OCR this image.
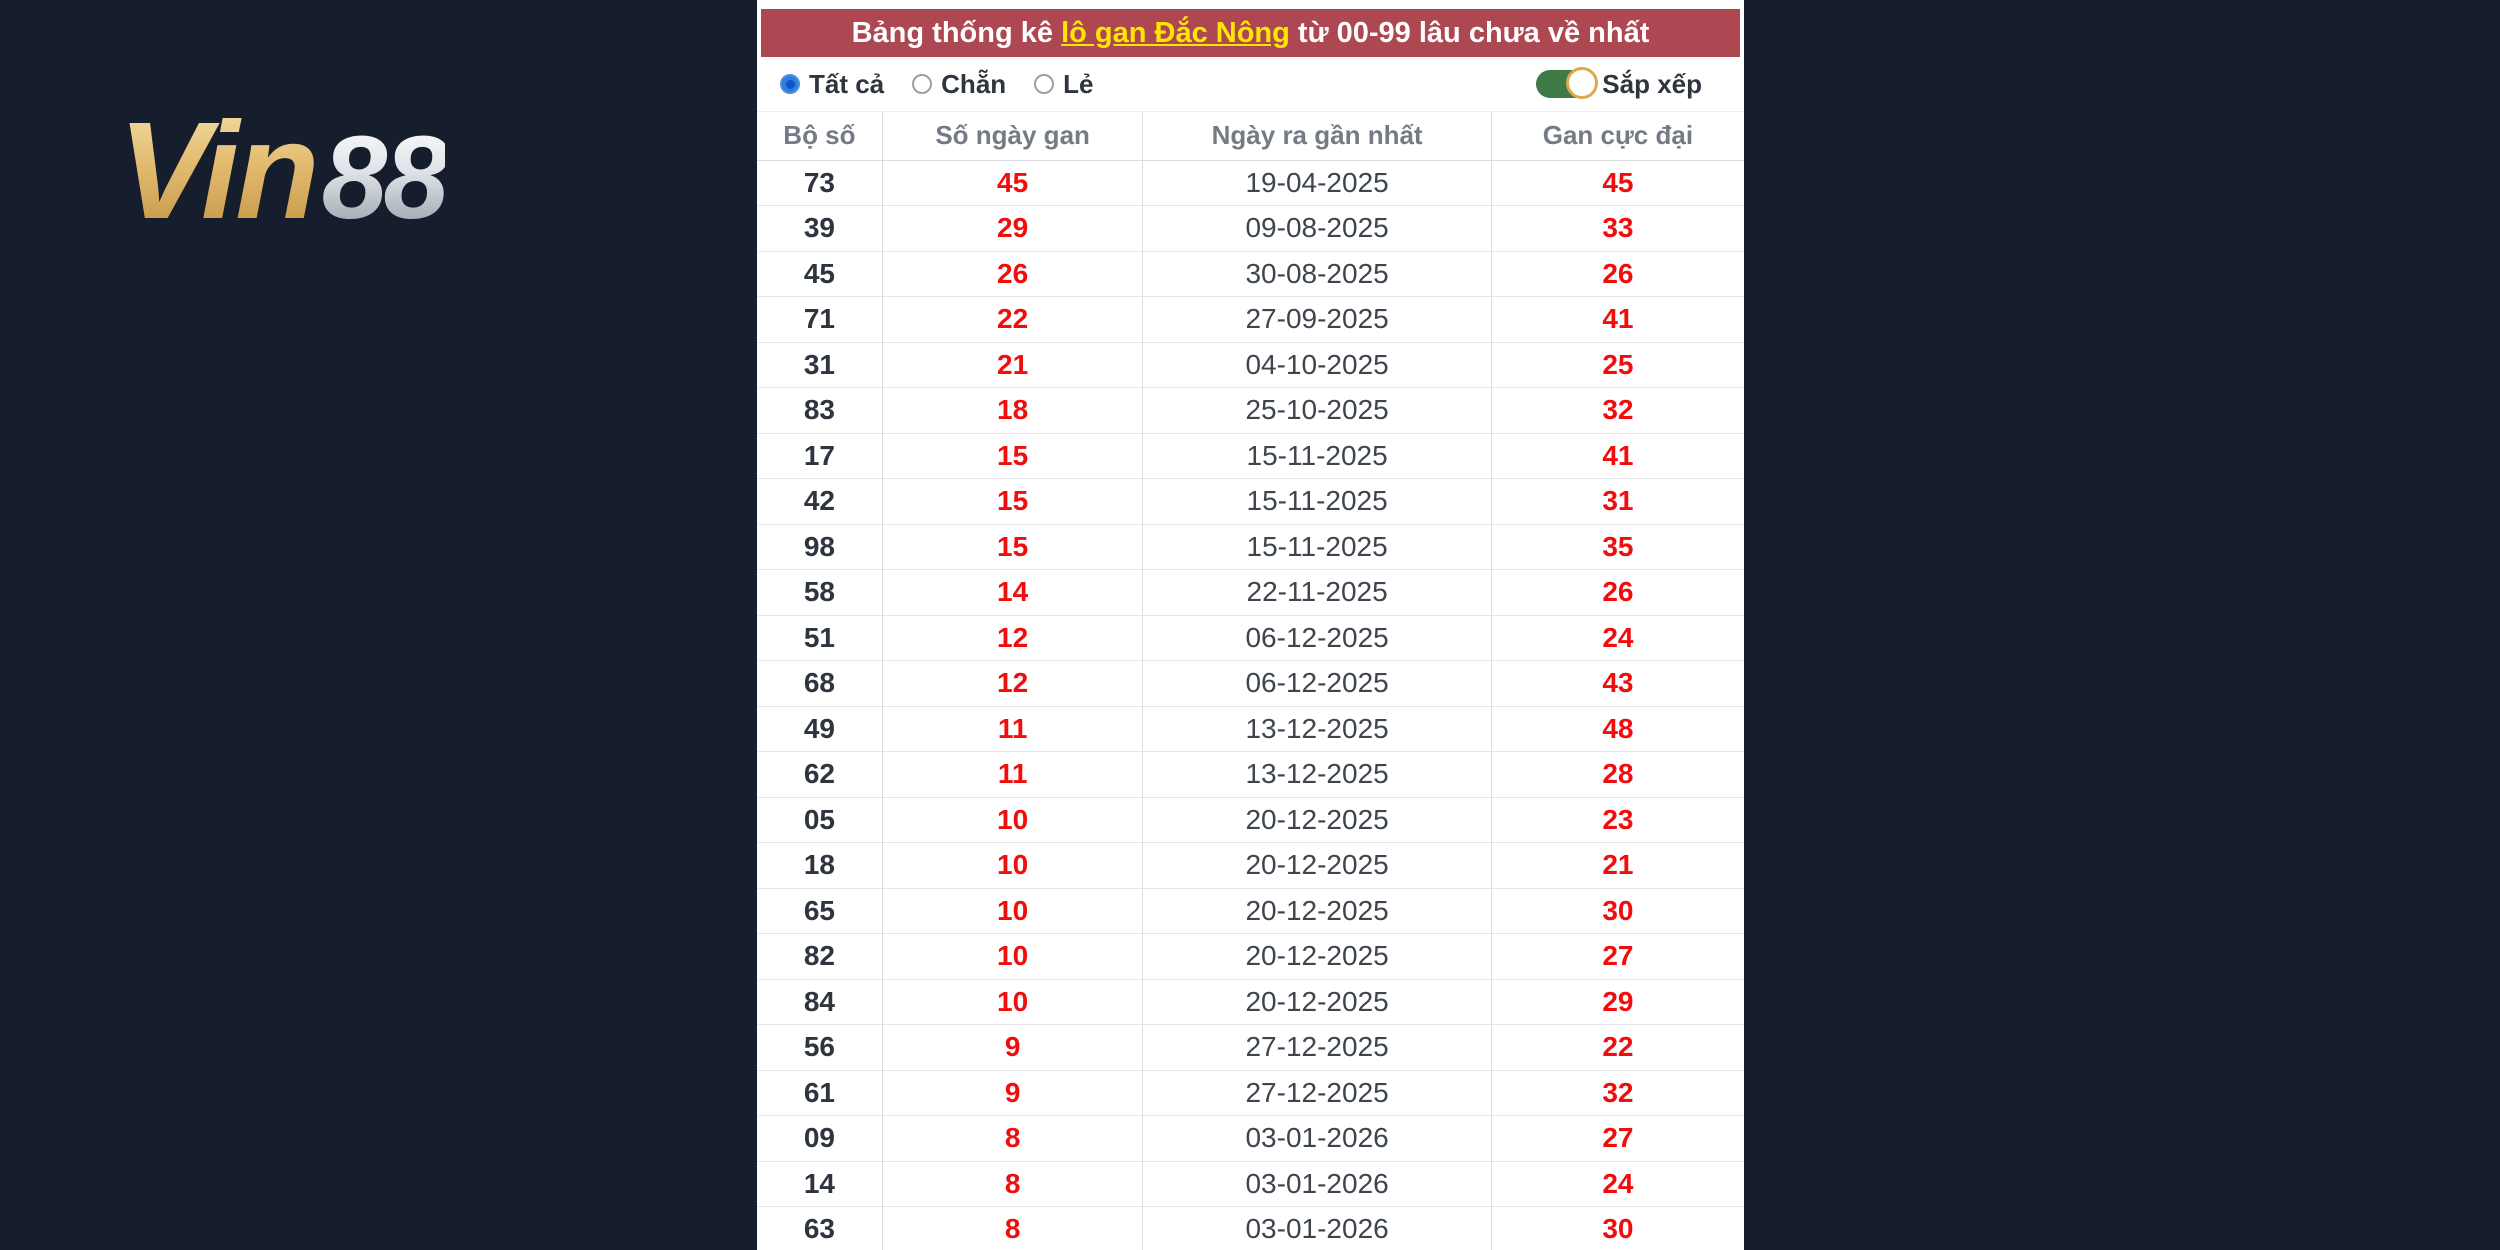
Vin88
Bảng thống kê lô gan Đắc Nông từ 00-99 lâu chưa về nhất
Tất cả Chẵn Lẻ	Sắp xếp
Bộ số	Số ngày gan	Ngày ra gần nhất	Gan cực đại
73	45	19-04-2025	45
39	29	09-08-2025	33
45	26	30-08-2025	26
71	22	27-09-2025	41
31	21	04-10-2025	25
83	18	25-10-2025	32
17	15	15-11-2025	41
42	15	15-11-2025	31
98	15	15-11-2025	35
58	14	22-11-2025	26
51	12	06-12-2025	24
68	12	06-12-2025	43
49	11	13-12-2025	48
62	11	13-12-2025	28
05	10	20-12-2025	23
18	10	20-12-2025	21
65	10	20-12-2025	30
82	10	20-12-2025	27
84	10	20-12-2025	29
56	9	27-12-2025	22
61	9	27-12-2025	32
09	8	03-01-2026	27
14	8	03-01-2026	24
63	8	03-01-2026	30
